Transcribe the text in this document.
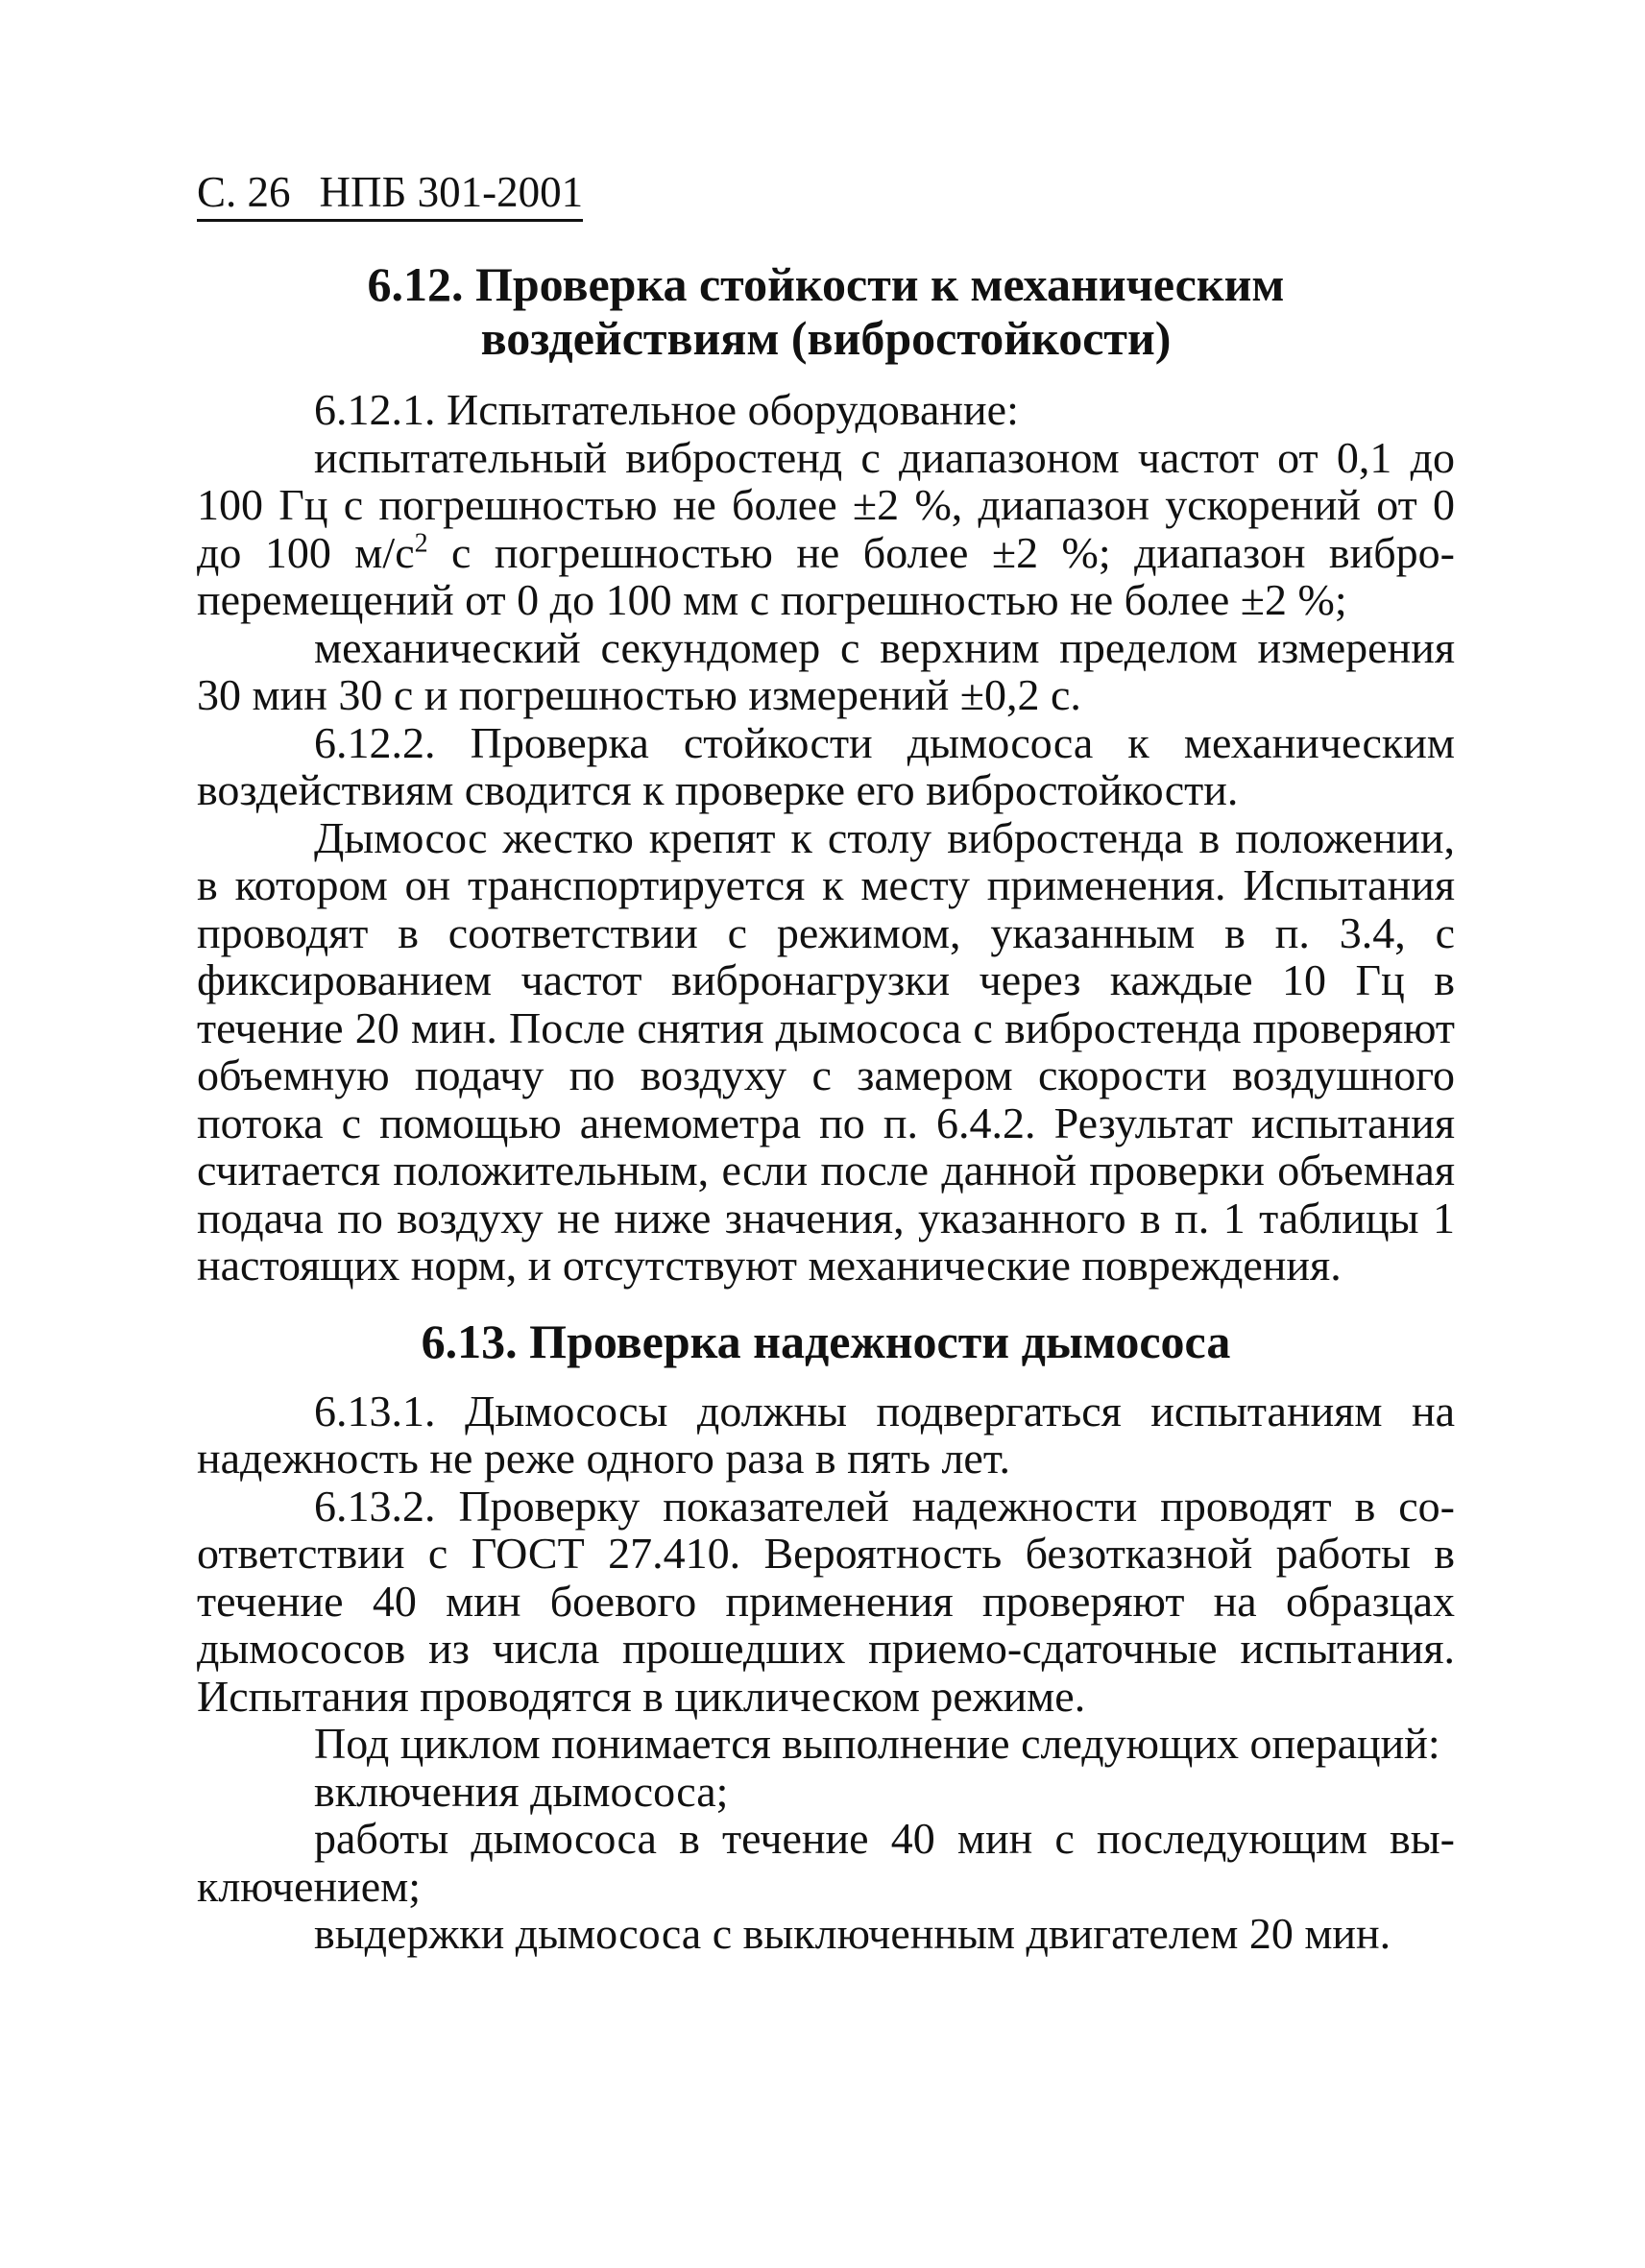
С. 26 НПБ 301-2001
6.12. Проверка стойкости к механическим
воздействиям (вибростойкости)

6.12.1. Испытательное оборудование:

испытательный вибростенд с диапазоном частот от 0,1 до 100 Гц с погрешностью не более ±2 %, диапазон ускорений от 0 до 100 $м/с^2$ с погрешностью не более ±2 %; диапазон виброперемещений от 0 до 100 мм с погрешностью не более ±2 %;

механический секундомер с верхним пределом измерения 30 мин 30 с и погрешностью измерений ±0,2 с.

6.12.2. Проверка стойкости дымососа к механическим воздействиям сводится к проверке его вибростойкости.

Дымосос жестко крепят к столу вибростенда в положении, в котором он транспортируется к месту применения. Испытания проводят в соответствии с режимом, указанным в п. 3.4, с фиксированием частот вибронагрузки через каждые 10 Гц в течение 20 мин. После снятия дымососа с вибростенда проверяют объемную подачу по воздуху с замером скорости воздушного потока с помощью анемометра по п. 6.4.2. Результат испытания считается положительным, если после данной проверки объемная подача по воздуху не ниже значения, указанного в п. 1 таблицы 1 настоящих норм, и отсутствуют механические повреждения.

6.13. Проверка надежности дымососа

6.13.1. Дымососы должны подвергаться испытаниям на надежность не реже одного раза в пять лет.

6.13.2. Проверку показателей надежности проводят в соответствии с ГОСТ 27.410. Вероятность безотказной работы в течение 40 мин боевого применения проверяют на образцах дымососов из числа прошедших приемо-сдаточные испытания. Испытания проводятся в циклическом режиме.

Под циклом понимается выполнение следующих операций:

включения дымососа;

работы дымососа в течение 40 мин с последующим выключением;

выдержки дымососа с выключенным двигателем 20 мин.
